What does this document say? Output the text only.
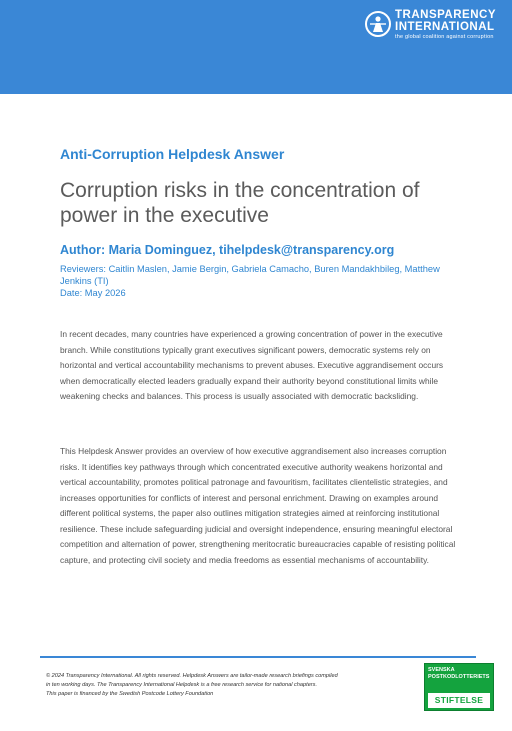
TRANSPARENCY
INTERNATIONAL
the global coalition against corruption
Anti-Corruption Helpdesk Answer
Corruption risks in the concentration of power in the executive
Author: Maria Dominguez, tihelpdesk@transparency.org
Reviewers: Caitlin Maslen, Jamie Bergin, Gabriela Camacho, Buren Mandakhbileg, Matthew Jenkins (TI)
Date: May 2026

In recent decades, many countries have experienced a growing concentration of power in the executive branch. While constitutions typically grant executives significant powers, democratic systems rely on horizontal and vertical accountability mechanisms to prevent abuses. Executive aggrandisement occurs when democratically elected leaders gradually expand their authority beyond constitutional limits while weakening checks and balances. This process is usually associated with democratic backsliding.

This Helpdesk Answer provides an overview of how executive aggrandisement also increases corruption risks. It identifies key pathways through which concentrated executive authority weakens horizontal and vertical accountability, promotes political patronage and favouritism, facilitates clientelistic strategies, and increases opportunities for conflicts of interest and personal enrichment. Drawing on examples around different political systems, the paper also outlines mitigation strategies aimed at reinforcing institutional resilience. These include safeguarding judicial and oversight independence, ensuring meaningful electoral competition and alternation of power, strengthening meritocratic bureaucracies capable of resisting political capture, and protecting civil society and media freedoms as essential mechanisms of accountability.

© 2024 Transparency International. All rights reserved. Helpdesk Answers are tailor-made research briefings compiled
in ten working days. The Transparency International Helpdesk is a free research service for national chapters.
This paper is financed by the Swedish Postcode Lottery Foundation
SVENSKA
POSTKODLOTTERIETS
STIFTELSE
